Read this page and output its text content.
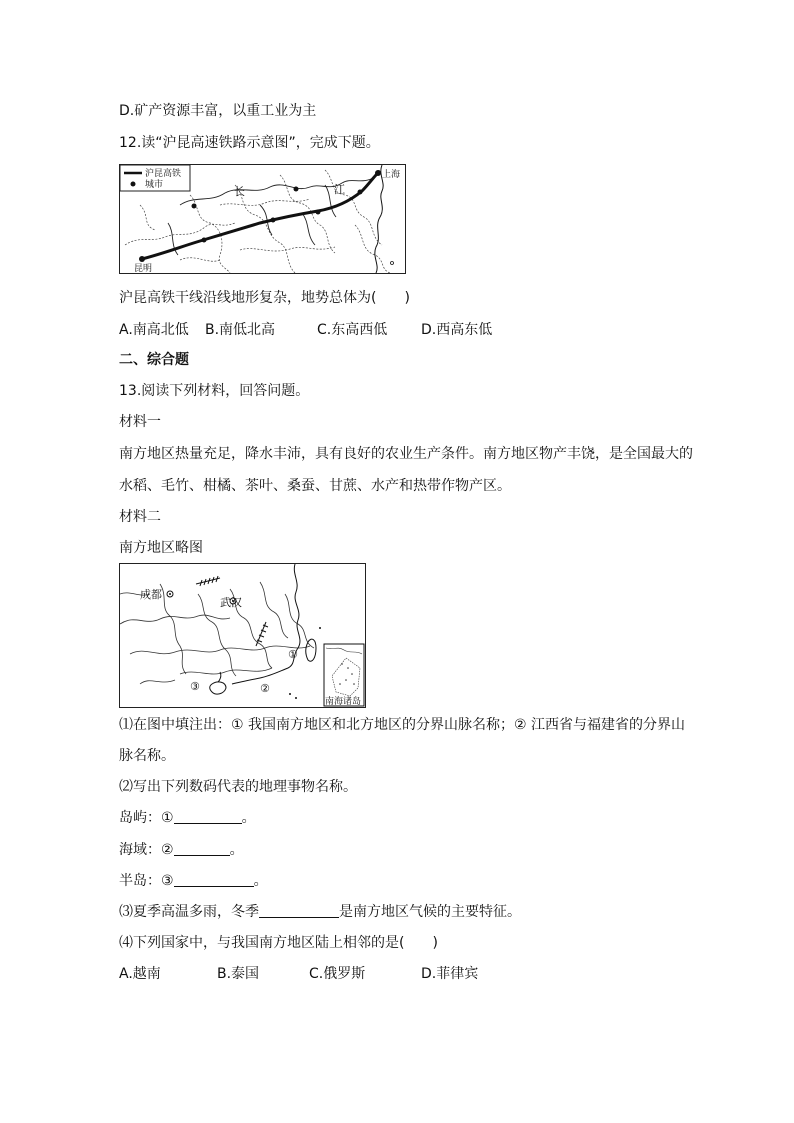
D.矿产资源丰富，以重工业为主
12.读“沪昆高速铁路示意图”，完成下题。
沪昆高铁
城市
昆明
上海
长	江
沪昆高铁干线沿线地形复杂，地势总体为(　　)
A.南高北低 B.南低北高	C.东高西低 D.西高东低
二、综合题
13.阅读下列材料，回答问题。
材料一
南方地区热量充足，降水丰沛，具有良好的农业生产条件。南方地区物产丰饶，是全国最大的
水稻、毛竹、柑橘、茶叶、桑蚕、甘蔗、水产和热带作物产区。
材料二
南方地区略图
成都
武汉
①
②
③
南海诸岛
⑴在图中填注出：① 我国南方地区和北方地区的分界山脉名称；② 江西省与福建省的分界山
脉名称。
⑵写出下列数码代表的地理事物名称。
岛屿：①	。
海域：②	。
半岛：③	。
⑶夏季高温多雨，冬季	是南方地区气候的主要特征。
⑷下列国家中，与我国南方地区陆上相邻的是(　　)
A.越南	B.泰国	C.俄罗斯	D.菲律宾
